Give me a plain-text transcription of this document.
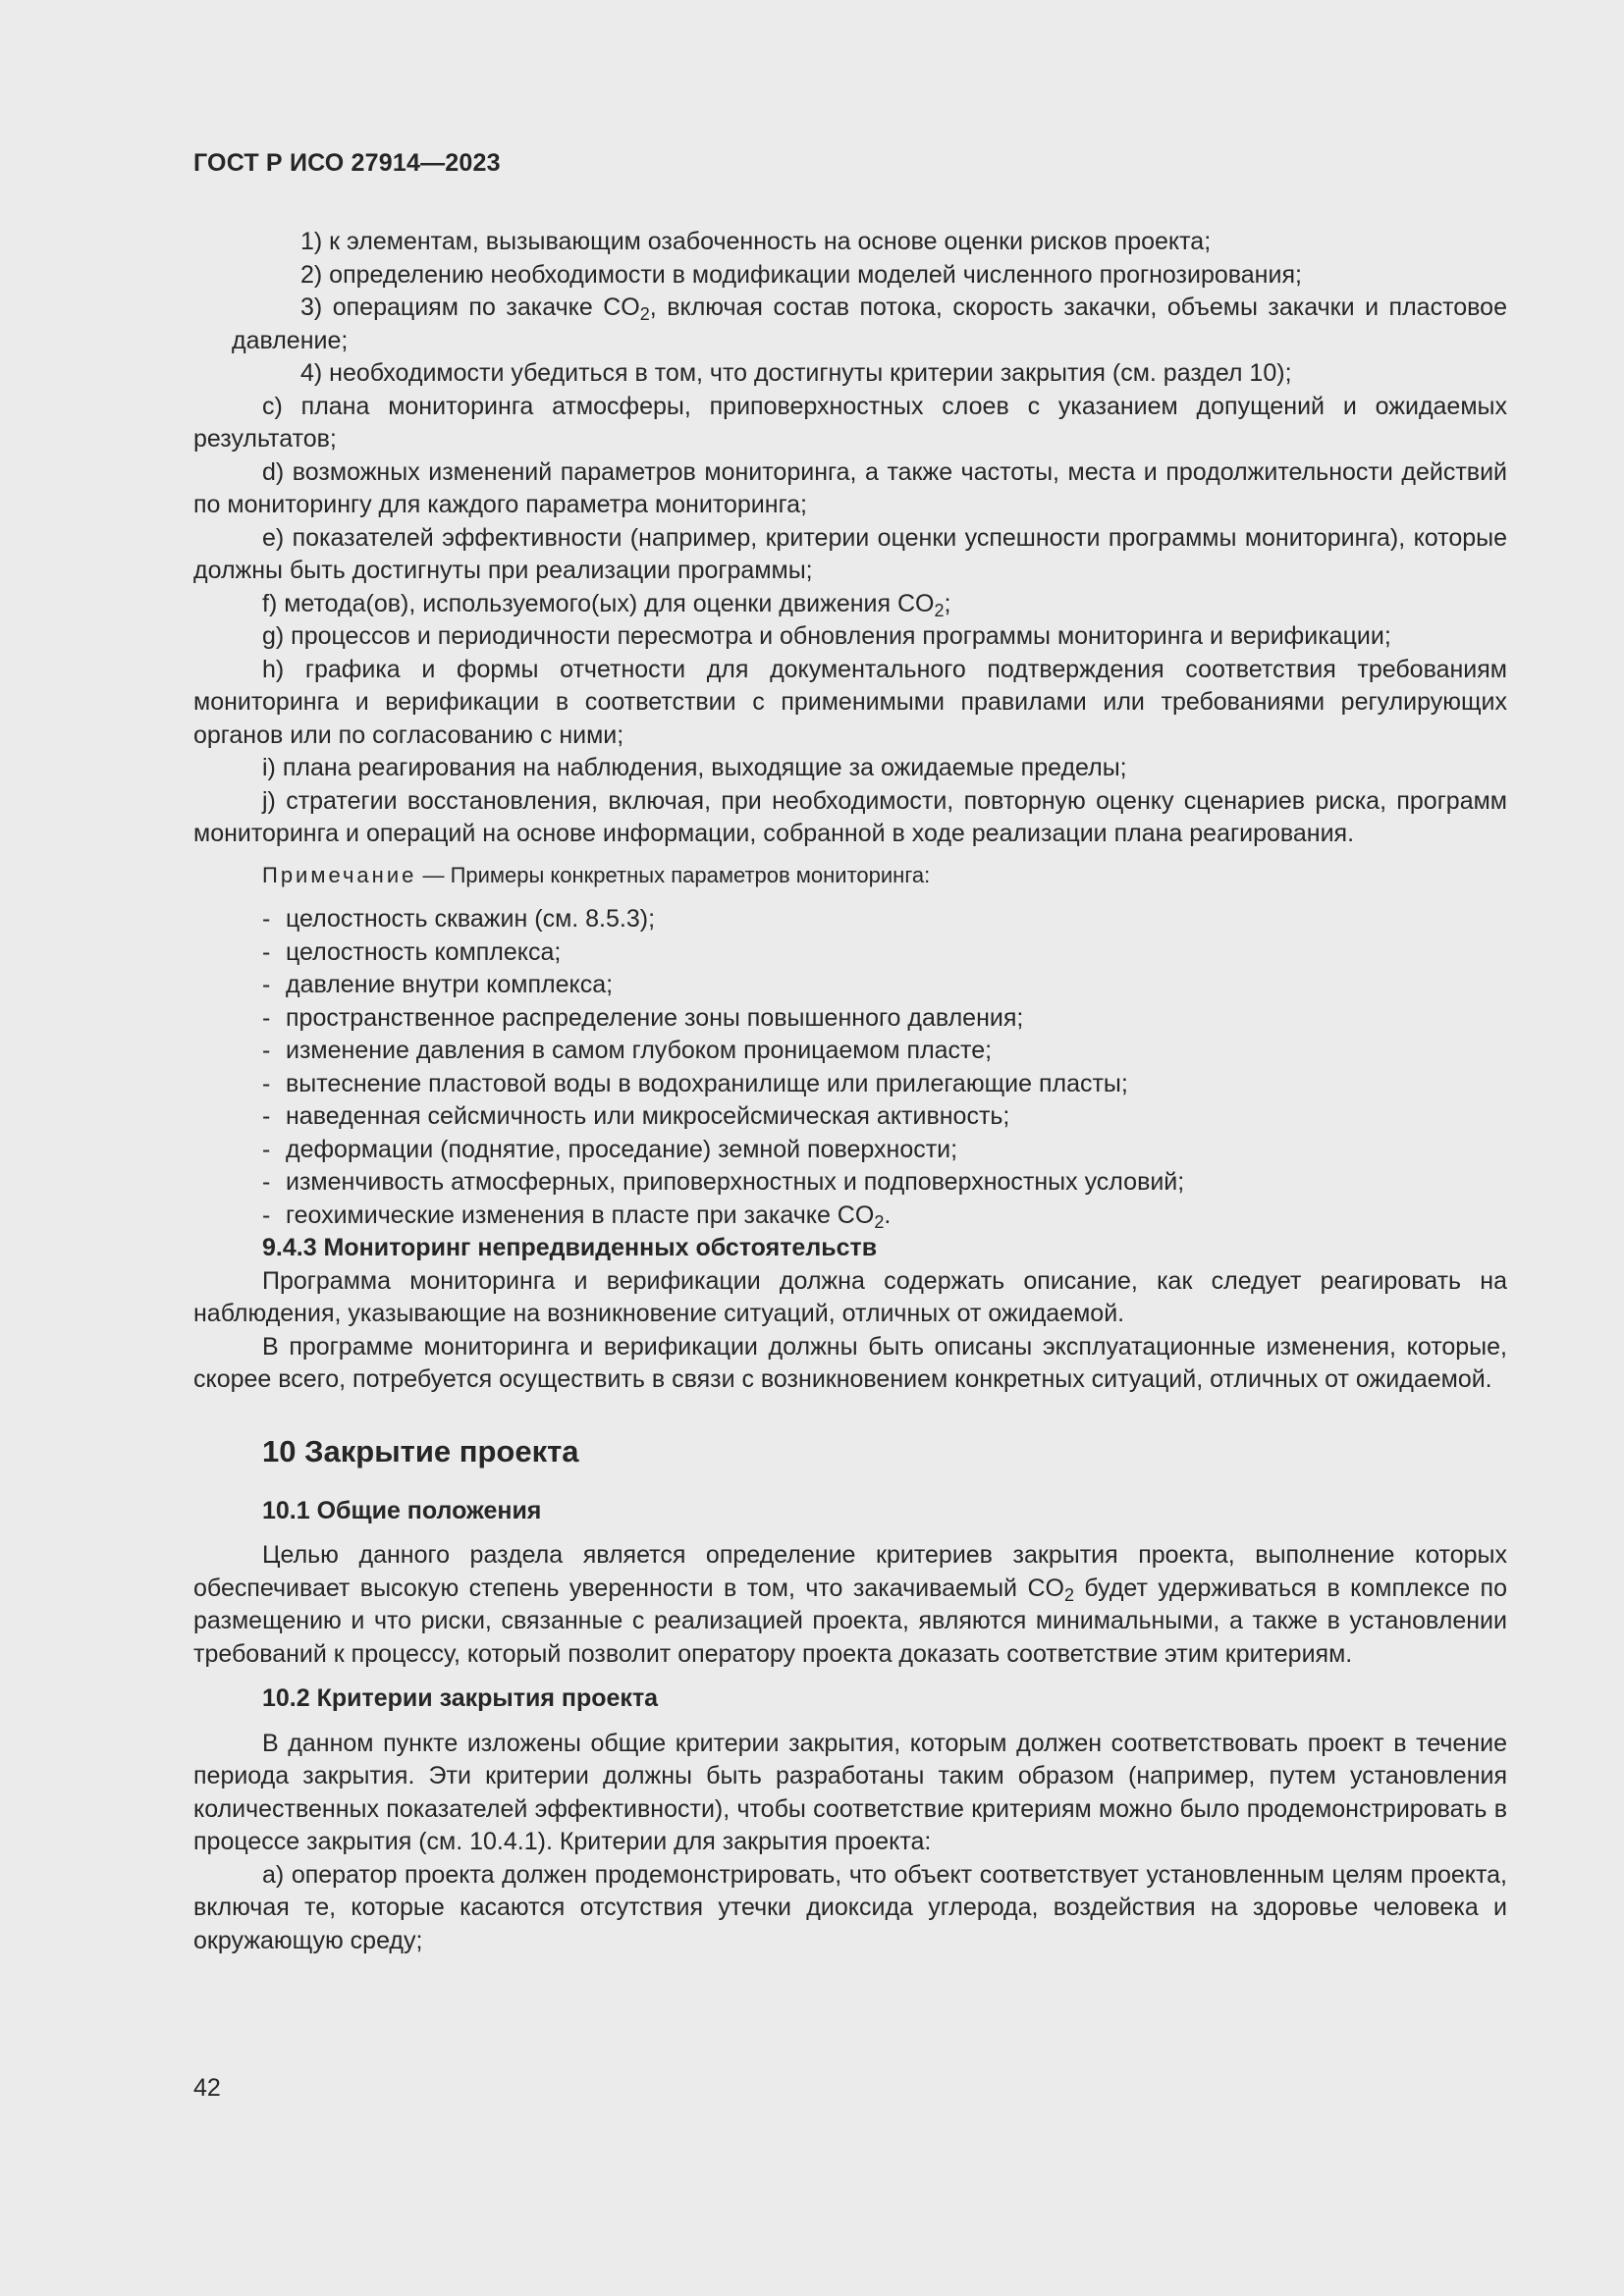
ГОСТ Р ИСО 27914—2023

1) к элементам, вызывающим озабоченность на основе оценки рисков проекта;

2) определению необходимости в модификации моделей численного прогнозирования;

3) операциям по закачке $CO_2$, включая состав потока, скорость закачки, объемы закачки и пластовое давление;

4) необходимости убедиться в том, что достигнуты критерии закрытия (см. раздел 10);

c) плана мониторинга атмосферы, приповерхностных слоев с указанием допущений и ожидаемых результатов;

d) возможных изменений параметров мониторинга, а также частоты, места и продолжительности действий по мониторингу для каждого параметра мониторинга;

e) показателей эффективности (например, критерии оценки успешности программы мониторинга), которые должны быть достигнуты при реализации программы;

f) метода(ов), используемого(ых) для оценки движения $CO_2$;

g) процессов и периодичности пересмотра и обновления программы мониторинга и верификации;

h) графика и формы отчетности для документального подтверждения соответствия требованиям мониторинга и верификации в соответствии с применимыми правилами или требованиями регулирующих органов или по согласованию с ними;

i) плана реагирования на наблюдения, выходящие за ожидаемые пределы;

j) стратегии восстановления, включая, при необходимости, повторную оценку сценариев риска, программ мониторинга и операций на основе информации, собранной в ходе реализации плана реагирования.

Примечание — Примеры конкретных параметров мониторинга:

- целостность скважин (см. 8.5.3);

- целостность комплекса;

- давление внутри комплекса;

- пространственное распределение зоны повышенного давления;

- изменение давления в самом глубоком проницаемом пласте;

- вытеснение пластовой воды в водохранилище или прилегающие пласты;

- наведенная сейсмичность или микросейсмическая активность;

- деформации (поднятие, проседание) земной поверхности;

- изменчивость атмосферных, приповерхностных и подповерхностных условий;

- геохимические изменения в пласте при закачке $CO_2$.

9.4.3 Мониторинг непредвиденных обстоятельств

Программа мониторинга и верификации должна содержать описание, как следует реагировать на наблюдения, указывающие на возникновение ситуаций, отличных от ожидаемой.

В программе мониторинга и верификации должны быть описаны эксплуатационные изменения, которые, скорее всего, потребуется осуществить в связи с возникновением конкретных ситуаций, отличных от ожидаемой.

10 Закрытие проекта

10.1 Общие положения

Целью данного раздела является определение критериев закрытия проекта, выполнение которых обеспечивает высокую степень уверенности в том, что закачиваемый $CO_2$ будет удерживаться в комплексе по размещению и что риски, связанные с реализацией проекта, являются минимальными, а также в установлении требований к процессу, который позволит оператору проекта доказать соответствие этим критериям.

10.2 Критерии закрытия проекта

В данном пункте изложены общие критерии закрытия, которым должен соответствовать проект в течение периода закрытия. Эти критерии должны быть разработаны таким образом (например, путем установления количественных показателей эффективности), чтобы соответствие критериям можно было продемонстрировать в процессе закрытия (см. 10.4.1). Критерии для закрытия проекта:

a) оператор проекта должен продемонстрировать, что объект соответствует установленным целям проекта, включая те, которые касаются отсутствия утечки диоксида углерода, воздействия на здоровье человека и окружающую среду;

42
